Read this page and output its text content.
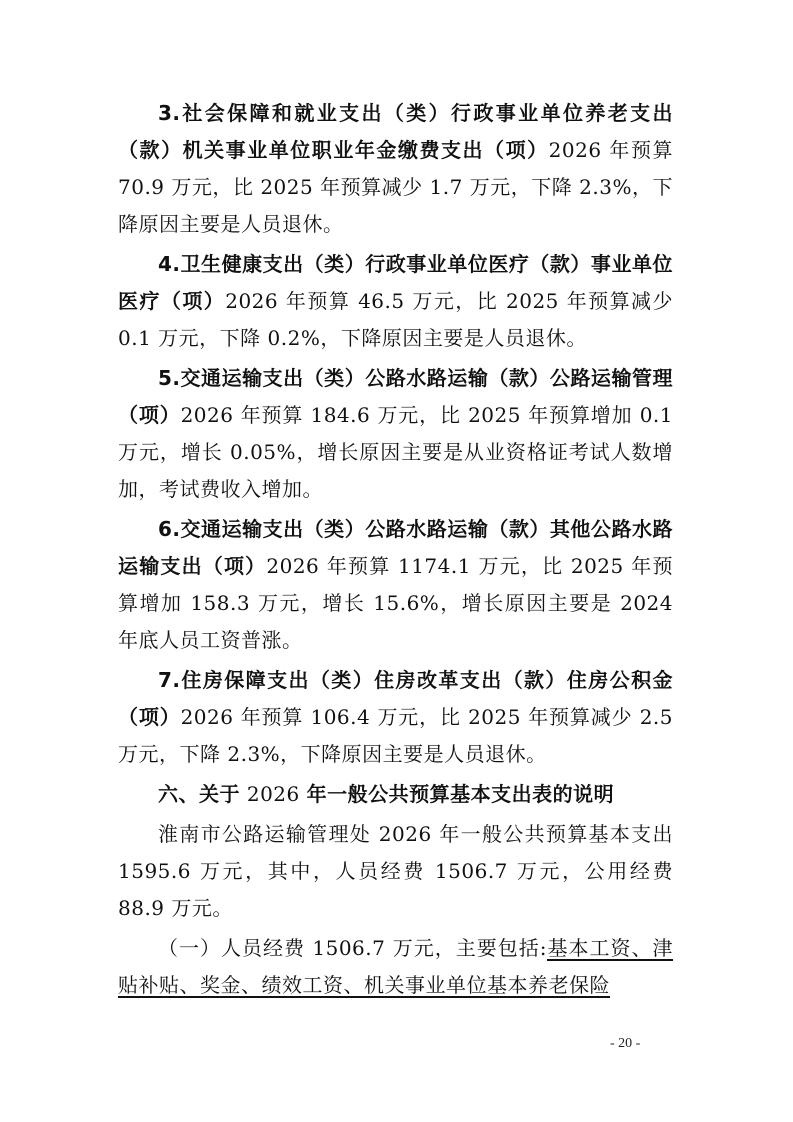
3.社会保障和就业支出（类）行政事业单位养老支出（款）机关事业单位职业年金缴费支出（项）2026 年预算 70.9 万元，比 2025 年预算减少 1.7 万元，下降 2.3%，下降原因主要是人员退休。

4.卫生健康支出（类）行政事业单位医疗（款）事业单位医疗（项）2026 年预算 46.5 万元，比 2025 年预算减少 0.1 万元，下降 0.2%，下降原因主要是人员退休。

5.交通运输支出（类）公路水路运输（款）公路运输管理（项）2026 年预算 184.6 万元，比 2025 年预算增加 0.1 万元，增长 0.05%，增长原因主要是从业资格证考试人数增加，考试费收入增加。

6.交通运输支出（类）公路水路运输（款）其他公路水路运输支出（项）2026 年预算 1174.1 万元，比 2025 年预算增加 158.3 万元，增长 15.6%，增长原因主要是 2024 年底人员工资普涨。

7.住房保障支出（类）住房改革支出（款）住房公积金（项）2026 年预算 106.4 万元，比 2025 年预算减少 2.5 万元，下降 2.3%，下降原因主要是人员退休。

六、关于 2026 年一般公共预算基本支出表的说明

淮南市公路运输管理处 2026 年一般公共预算基本支出 1595.6 万元，其中，人员经费 1506.7 万元，公用经费 88.9 万元。

（一）人员经费 1506.7 万元，主要包括:基本工资、津贴补贴、奖金、绩效工资、机关事业单位基本养老保险

- 20 -
